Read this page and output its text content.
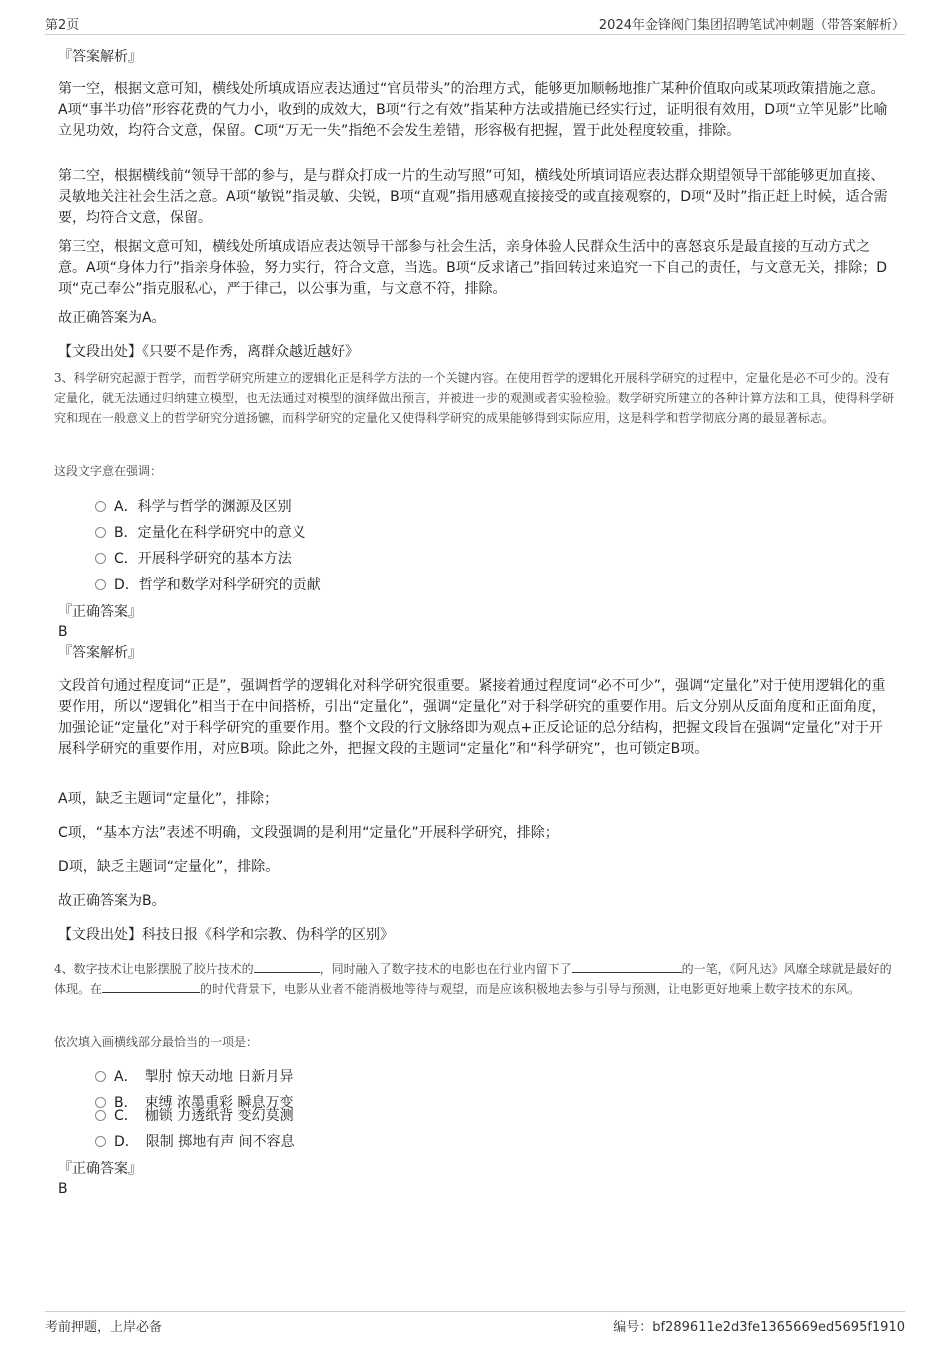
第2页	2024年金锋阀门集团招聘笔试冲刺题（带答案解析）
『答案解析』
第一空，根据文意可知，横线处所填成语应表达通过“官员带头”的治理方式，能够更加顺畅地推广某种价值取向或某项政策措施之意。A项“事半功倍”形容花费的气力小，收到的成效大，B项“行之有效”指某种方法或措施已经实行过，证明很有效用，D项“立竿见影”比喻立见功效，均符合文意，保留。C项“万无一失”指绝不会发生差错，形容极有把握，置于此处程度较重，排除。
第二空，根据横线前“领导干部的参与，是与群众打成一片的生动写照”可知，横线处所填词语应表达群众期望领导干部能够更加直接、灵敏地关注社会生活之意。A项“敏锐”指灵敏、尖锐，B项“直观”指用感观直接接受的或直接观察的，D项“及时”指正赶上时候，适合需要，均符合文意，保留。
第三空，根据文意可知，横线处所填成语应表达领导干部参与社会生活，亲身体验人民群众生活中的喜怒哀乐是最直接的互动方式之意。A项“身体力行”指亲身体验，努力实行，符合文意，当选。B项“反求诸己”指回转过来追究一下自己的责任，与文意无关，排除；D项“克己奉公”指克服私心，严于律己，以公事为重，与文意不符，排除。
故正确答案为A。
【文段出处】《只要不是作秀，离群众越近越好》
3、科学研究起源于哲学，而哲学研究所建立的逻辑化正是科学方法的一个关键内容。在使用哲学的逻辑化开展科学研究的过程中，定量化是必不可少的。没有定量化，就无法通过归纳建立模型，也无法通过对模型的演绎做出预言，并被进一步的观测或者实验检验。数学研究所建立的各种计算方法和工具，使得科学研究和现在一般意义上的哲学研究分道扬镳，而科学研究的定量化又使得科学研究的成果能够得到实际应用，这是科学和哲学彻底分离的最显著标志。
这段文字意在强调：
A．科学与哲学的渊源及区别
B．定量化在科学研究中的意义
C．开展科学研究的基本方法
D．哲学和数学对科学研究的贡献
『正确答案』
B
『答案解析』
文段首句通过程度词“正是”，强调哲学的逻辑化对科学研究很重要。紧接着通过程度词“必不可少”，强调“定量化”对于使用逻辑化的重要作用，所以“逻辑化”相当于在中间搭桥，引出“定量化”，强调“定量化”对于科学研究的重要作用。后文分别从反面角度和正面角度，加强论证“定量化”对于科学研究的重要作用。整个文段的行文脉络即为观点+正反论证的总分结构，把握文段旨在强调“定量化”对于开展科学研究的重要作用，对应B项。除此之外，把握文段的主题词“定量化”和“科学研究”，也可锁定B项。
A项，缺乏主题词“定量化”，排除；
C项，“基本方法”表述不明确，文段强调的是利用“定量化”开展科学研究，排除；
D项，缺乏主题词“定量化”，排除。
故正确答案为B。
【文段出处】科技日报《科学和宗教、伪科学的区别》
4、数字技术让电影摆脱了胶片技术的	，同时融入了数字技术的电影也在行业内留下了	的一笔，《阿凡达》风靡全球就是最好的体现。在	的时代背景下，电影从业者不能消极地等待与观望，而是应该积极地去参与引导与预测，让电影更好地乘上数字技术的东风。
依次填入画横线部分最恰当的一项是：
A．　掣肘 惊天动地 日新月异
B．　束缚 浓墨重彩 瞬息万变
C．　枷锁 力透纸背 变幻莫测
D．　限制 掷地有声 间不容息
『正确答案』
B
考前押题，上岸必备	编号：bf289611e2d3fe1365669ed5695f1910
